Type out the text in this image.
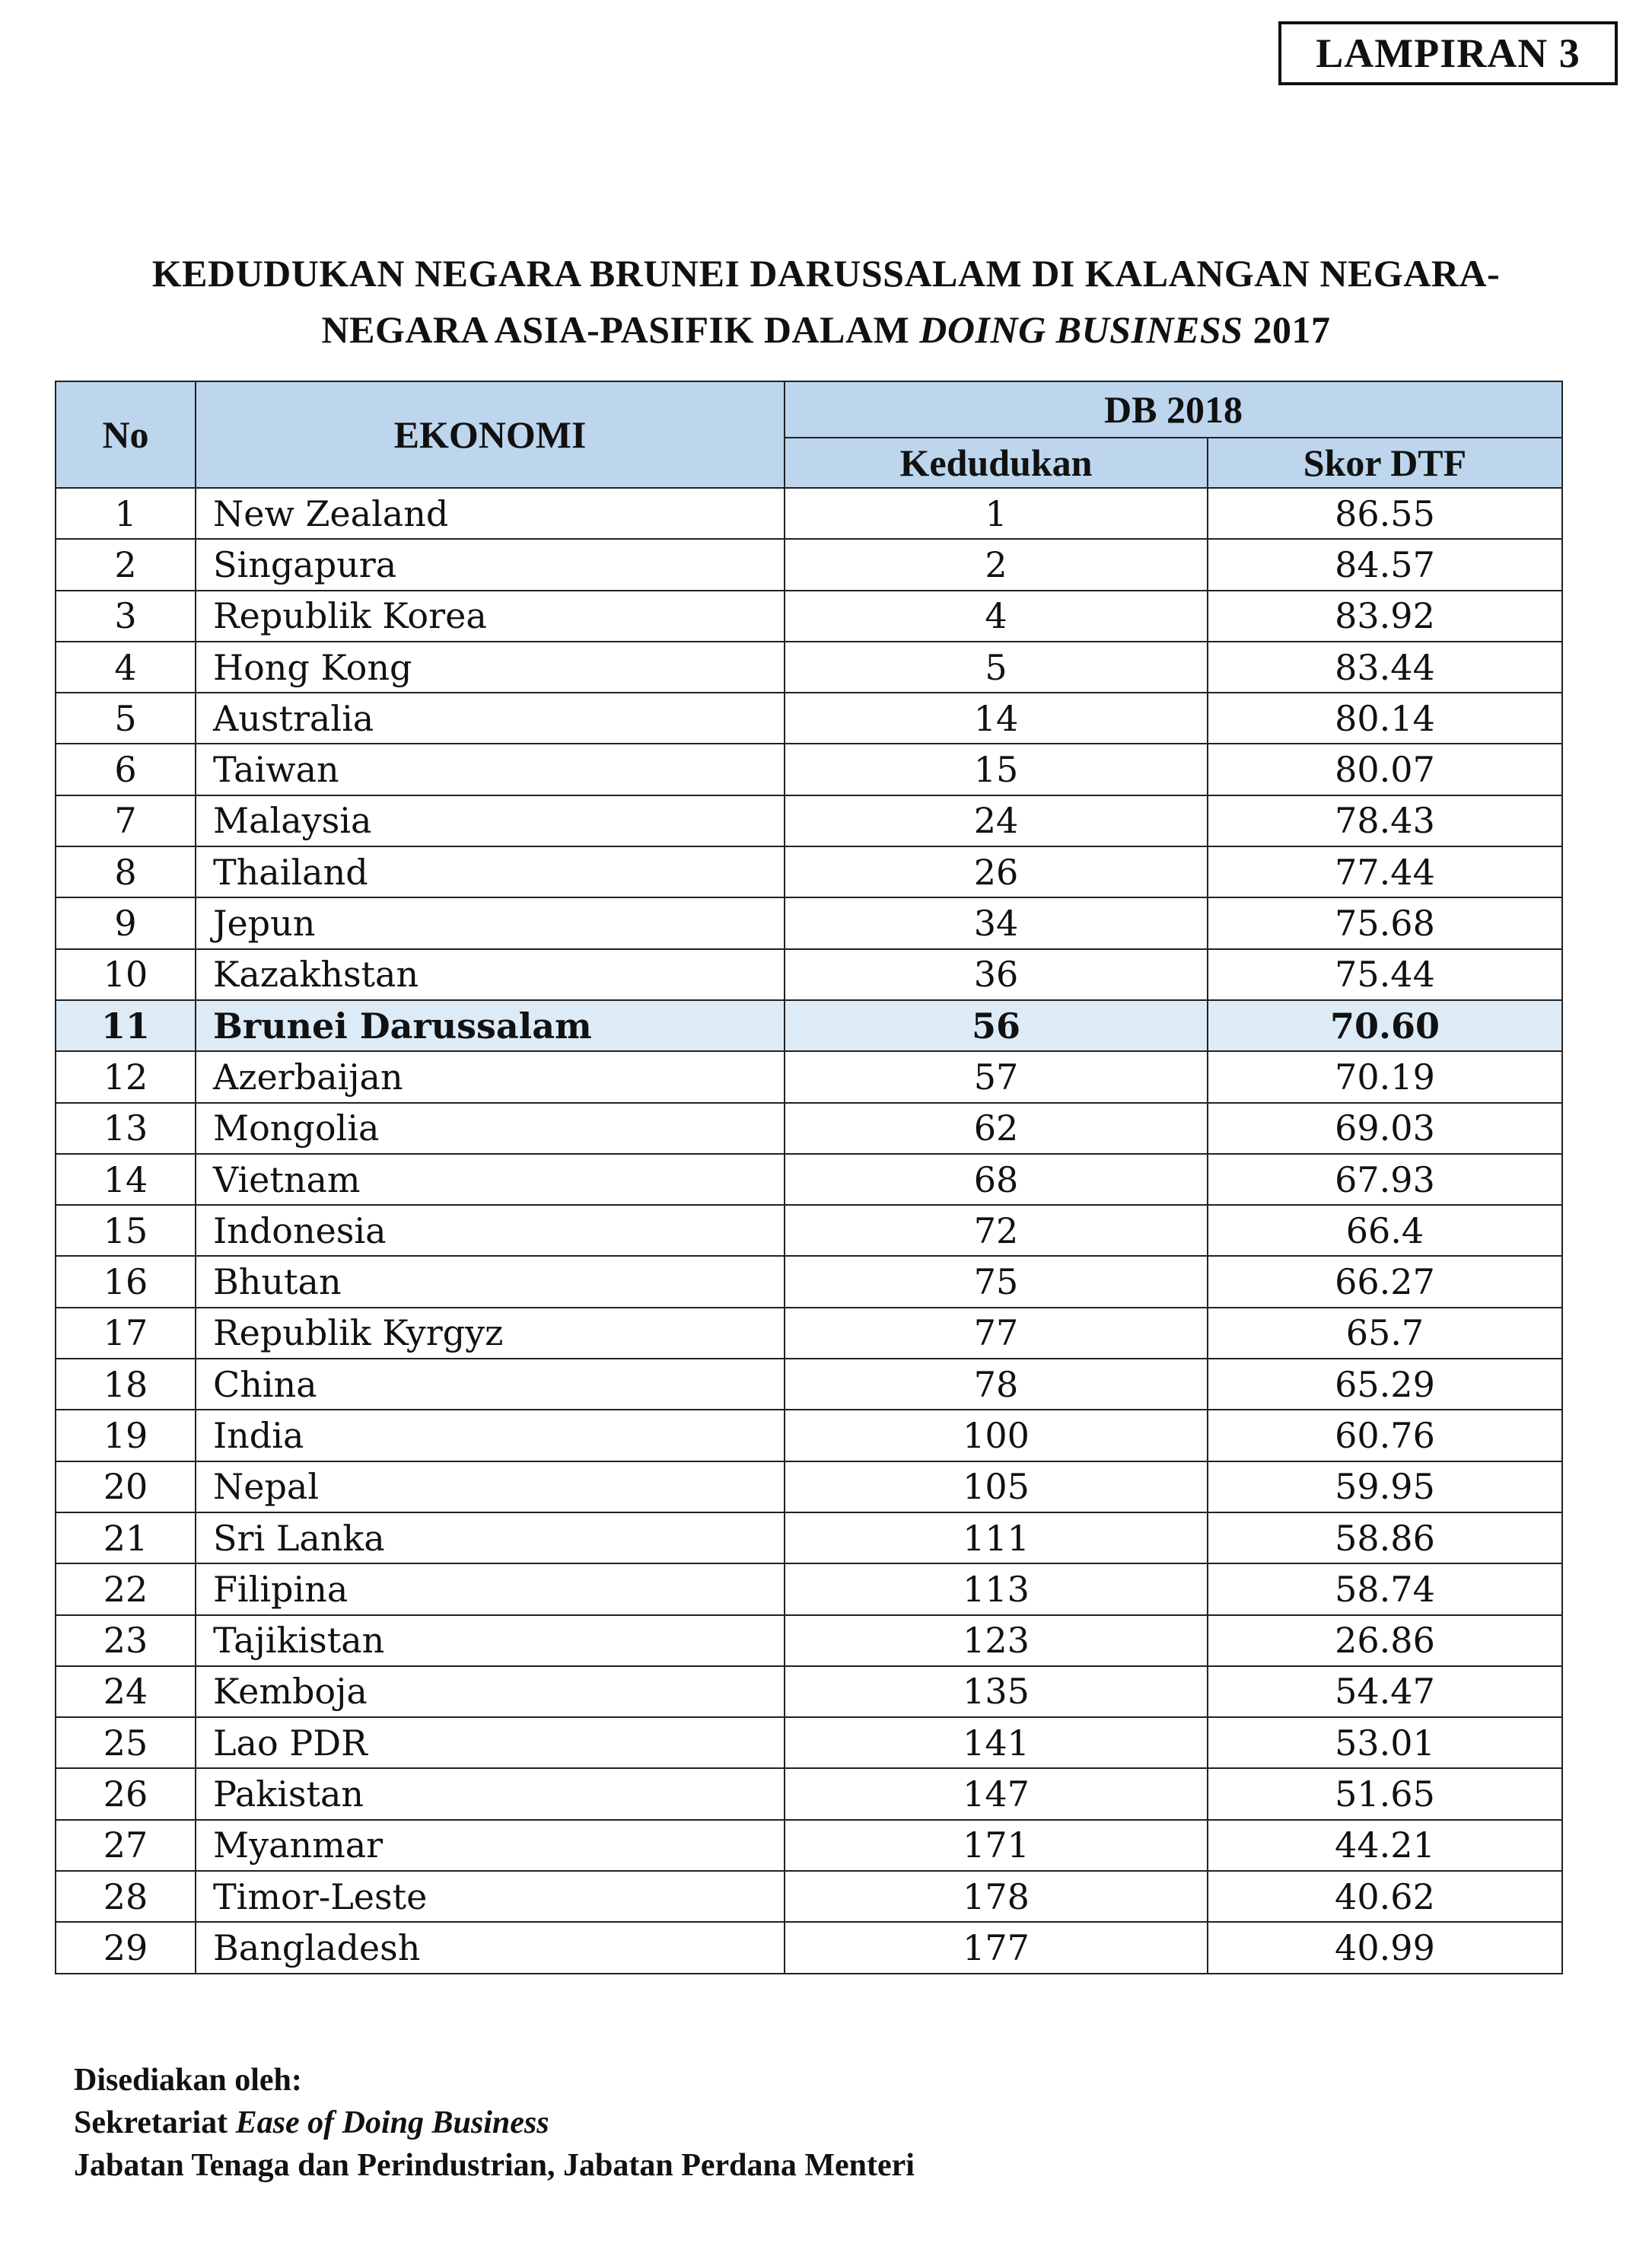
LAMPIRAN 3
KEDUDUKAN NEGARA BRUNEI DARUSSALAM DI KALANGAN NEGARA-
NEGARA ASIA-PASIFIK DALAM DOING BUSINESS 2017
No	EKONOMI	DB 2018	
		Kedudukan	Skor DTF
1	New Zealand	1	86.55
2	Singapura	2	84.57
3	Republik Korea	4	83.92
4	Hong Kong	5	83.44
5	Australia	14	80.14
6	Taiwan	15	80.07
7	Malaysia	24	78.43
8	Thailand	26	77.44
9	Jepun	34	75.68
10	Kazakhstan	36	75.44
11	Brunei Darussalam	56	70.60
12	Azerbaijan	57	70.19
13	Mongolia	62	69.03
14	Vietnam	68	67.93
15	Indonesia	72	66.4
16	Bhutan	75	66.27
17	Republik Kyrgyz	77	65.7
18	China	78	65.29
19	India	100	60.76
20	Nepal	105	59.95
21	Sri Lanka	111	58.86
22	Filipina	113	58.74
23	Tajikistan	123	26.86
24	Kemboja	135	54.47
25	Lao PDR	141	53.01
26	Pakistan	147	51.65
27	Myanmar	171	44.21
28	Timor-Leste	178	40.62
29	Bangladesh	177	40.99
Disediakan oleh:
Sekretariat Ease of Doing Business
Jabatan Tenaga dan Perindustrian, Jabatan Perdana Menteri
